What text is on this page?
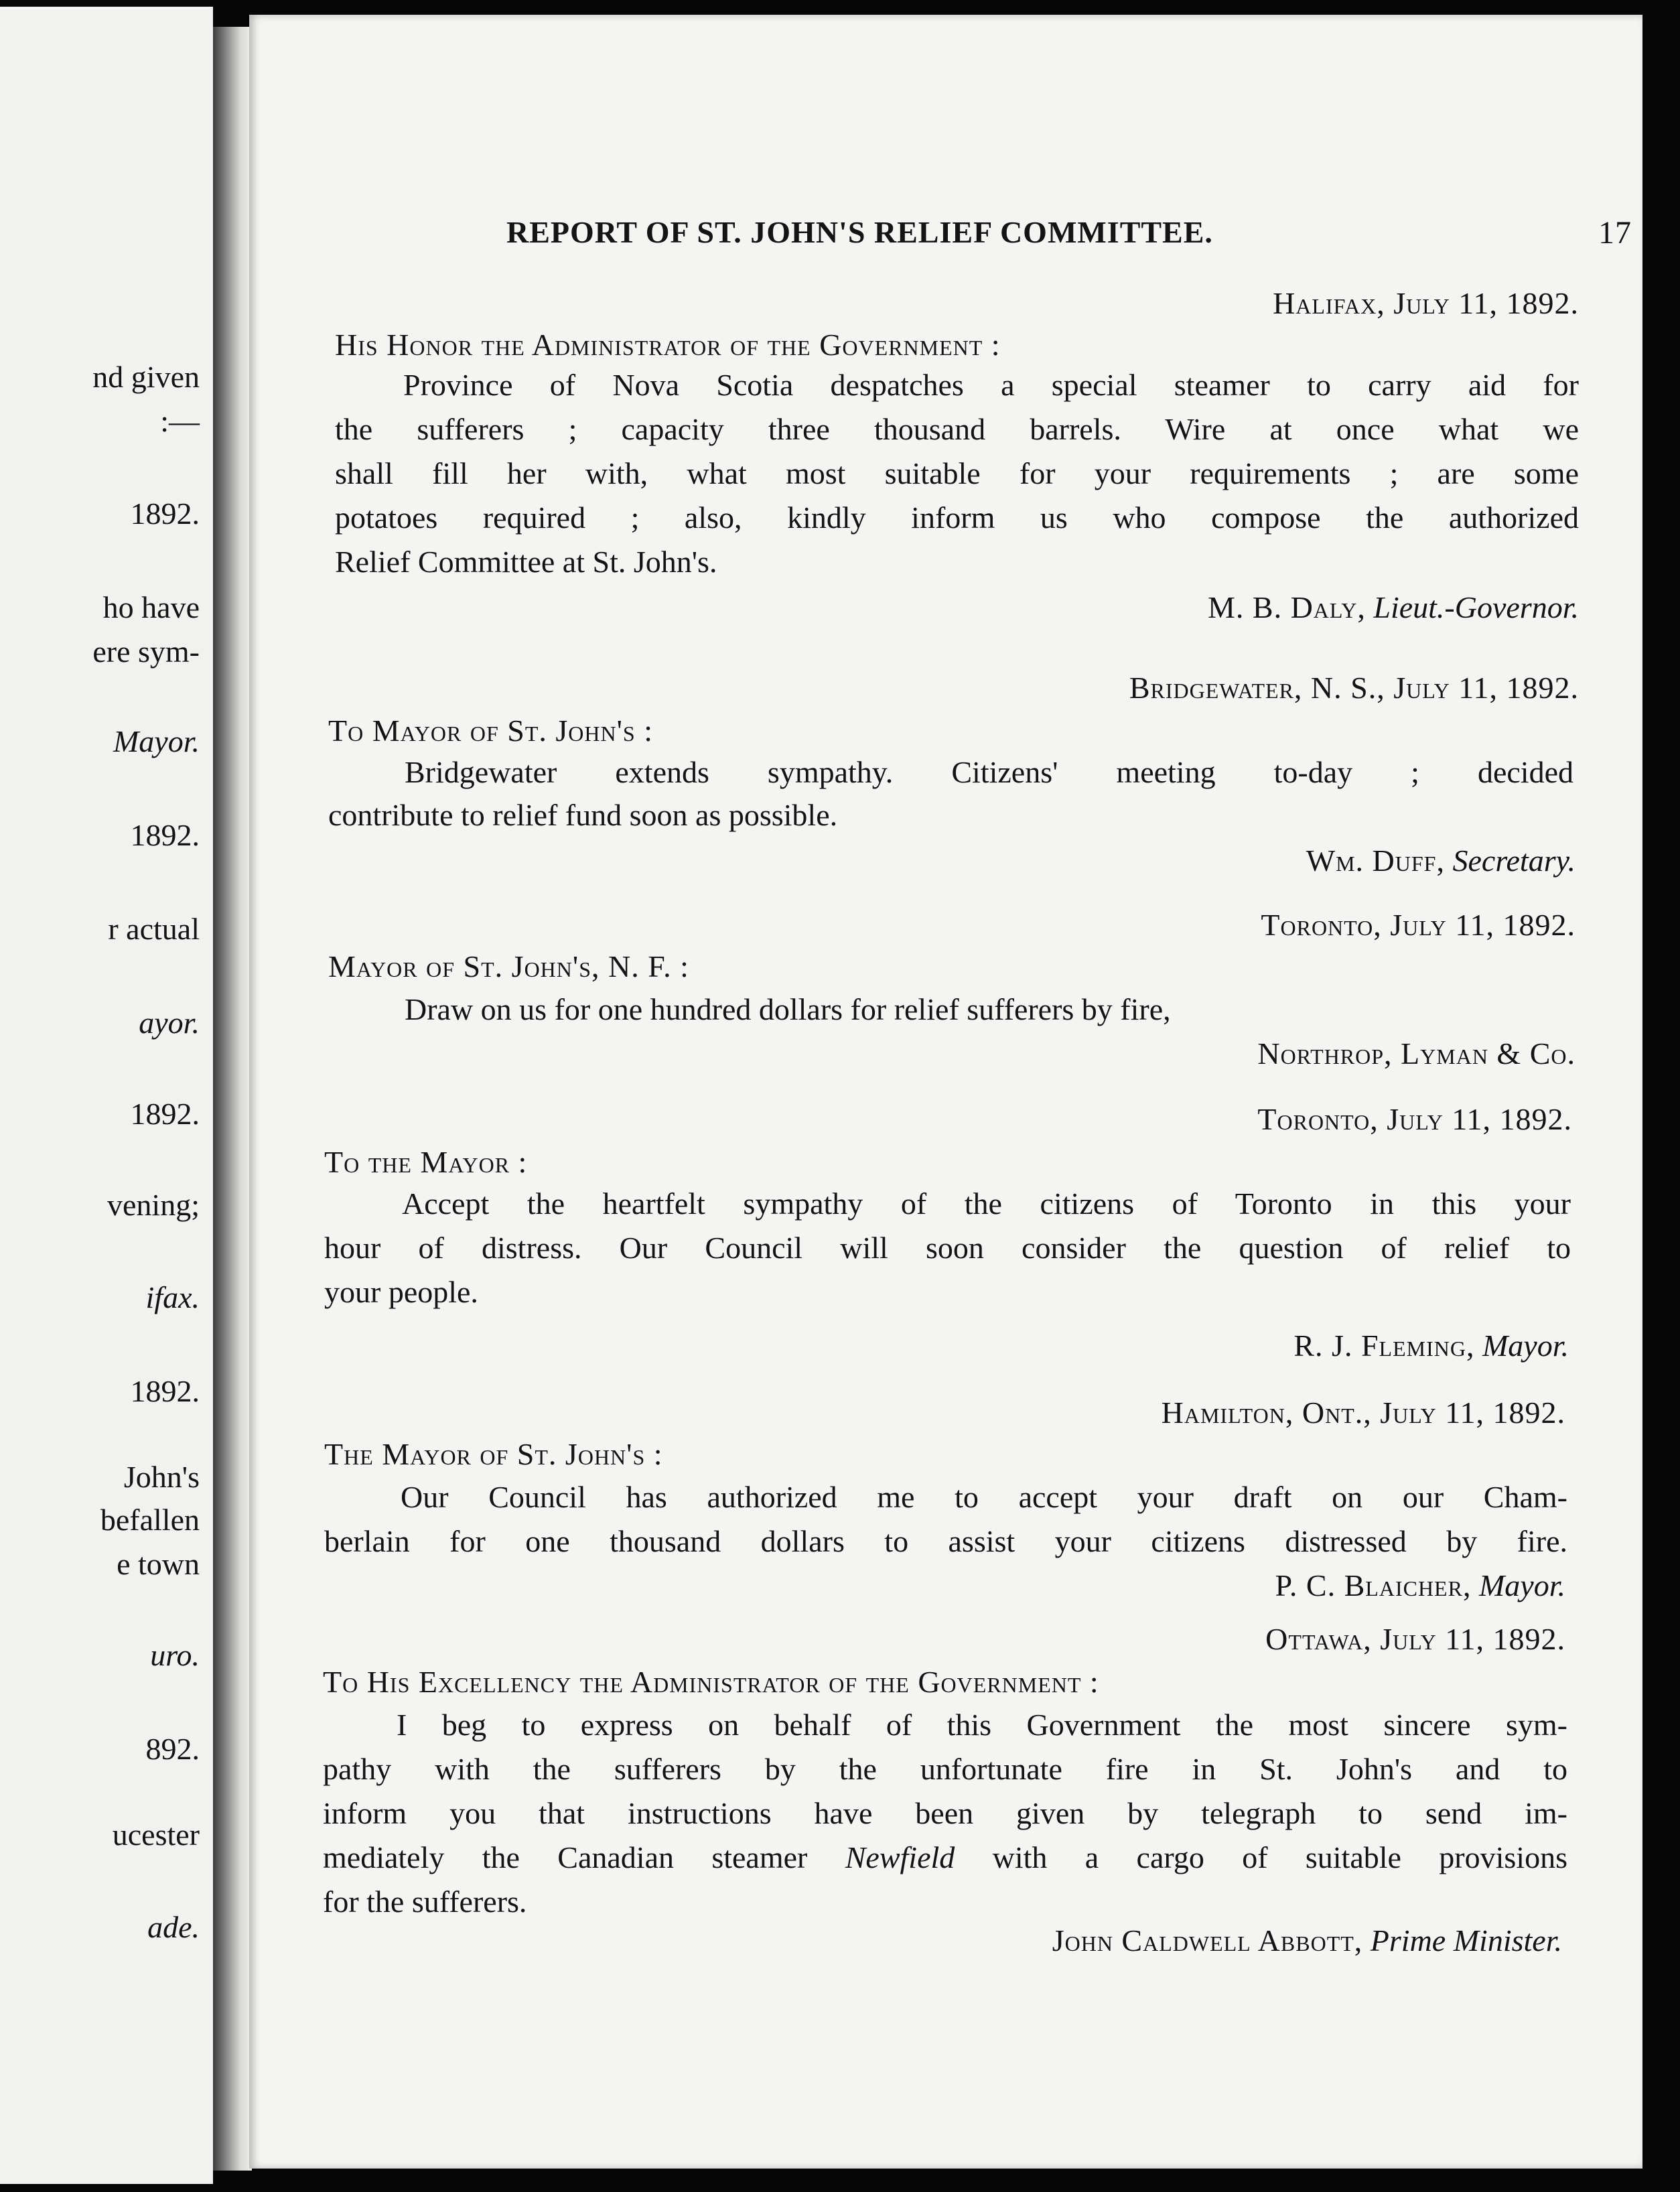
nd given
:—
1892.
ho have
ere sym-
Mayor.
1892.
r actual
ayor.
1892.
vening;
ifax.
1892.
John's
befallen
e town
uro.
892.
ucester
ade.
REPORT OF ST. JOHN'S RELIEF COMMITTEE.	17
Halifax, July 11, 1892.
His Honor the Administrator of the Government :
Province of Nova Scotia despatches a special steamer to carry aid for
the sufferers ; capacity three thousand barrels. Wire at once what we
shall fill her with, what most suitable for your requirements ; are some
potatoes required ; also, kindly inform us who compose the authorized
Relief Committee at St. John's.
M. B. Daly, Lieut.-Governor.
Bridgewater, N. S., July 11, 1892.
To Mayor of St. John's :
Bridgewater extends sympathy. Citizens' meeting to-day ; decided
contribute to relief fund soon as possible.
Wm. Duff, Secretary.
Toronto, July 11, 1892.
Mayor of St. John's, N. F. :
Draw on us for one hundred dollars for relief sufferers by fire,
Northrop, Lyman & Co.
Toronto, July 11, 1892.
To the Mayor :
Accept the heartfelt sympathy of the citizens of Toronto in this your
hour of distress. Our Council will soon consider the question of relief to
your people.
R. J. Fleming, Mayor.
Hamilton, Ont., July 11, 1892.
The Mayor of St. John's :
Our Council has authorized me to accept your draft on our Cham-
berlain for one thousand dollars to assist your citizens distressed by fire.
P. C. Blaicher, Mayor.
Ottawa, July 11, 1892.
To His Excellency the Administrator of the Government :
I beg to express on behalf of this Government the most sincere sym-
pathy with the sufferers by the unfortunate fire in St. John's and to
inform you that instructions have been given by telegraph to send im-
mediately the Canadian steamer Newfield with a cargo of suitable provisions
for the sufferers.
John Caldwell Abbott, Prime Minister.
